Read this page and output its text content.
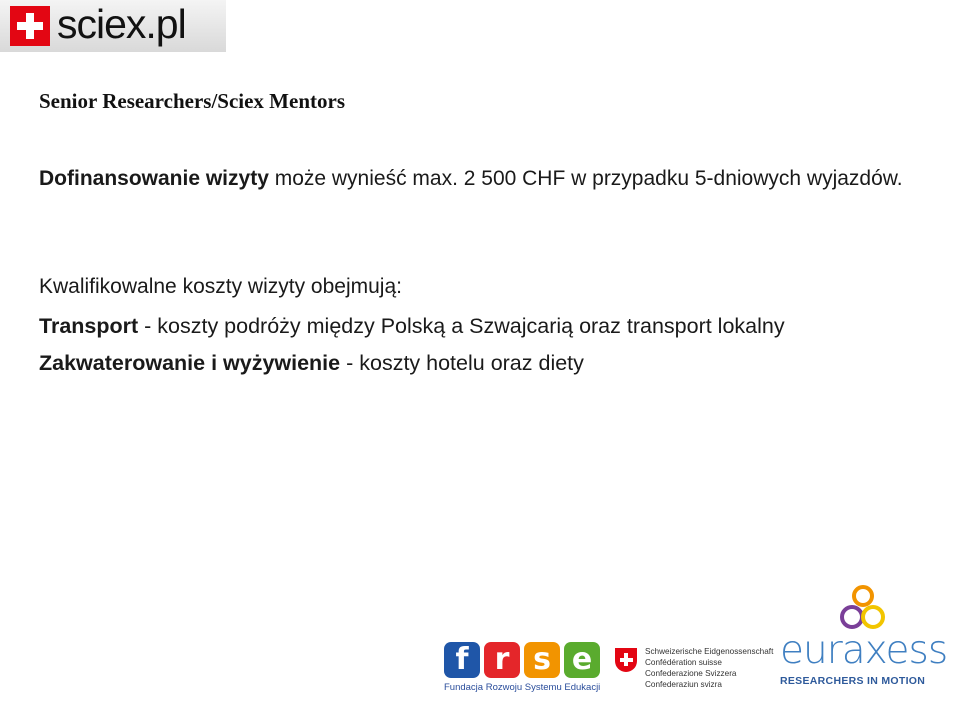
sciex.pl
Senior Researchers/Sciex Mentors
Dofinansowanie wizyty może wynieść max. 2 500 CHF w przypadku 5-dniowych wyjazdów.
Kwalifikowalne koszty wizyty obejmują:
Transport - koszty podróży między Polską a Szwajcarią oraz transport lokalny
Zakwaterowanie i wyżywienie - koszty hotelu oraz diety
f r s e
Fundacja Rozwoju Systemu Edukacji
Schweizerische Eidgenossenschaft
Confédération suisse
Confederazione Svizzera
Confederaziun svizra
euraxess
RESEARCHERS IN MOTION
